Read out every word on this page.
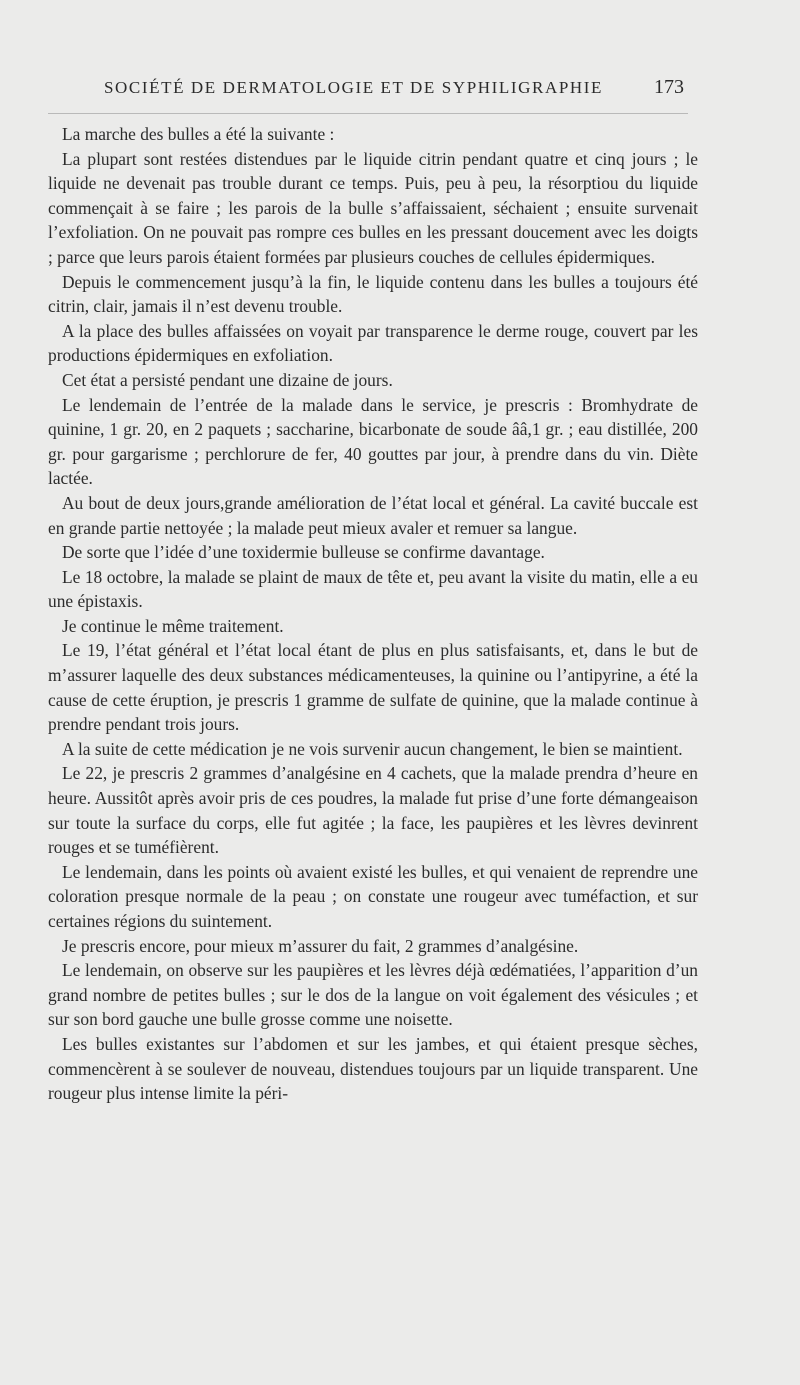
SOCIÉTÉ DE DERMATOLOGIE ET DE SYPHILIGRAPHIE	173

La marche des bulles a été la suivante :

La plupart sont restées distendues par le liquide citrin pendant quatre et cinq jours ; le liquide ne devenait pas trouble durant ce temps. Puis, peu à peu, la résorptiou du liquide commençait à se faire ; les parois de la bulle s’affaissaient, séchaient ; ensuite survenait l’exfoliation. On ne pouvait pas rompre ces bulles en les pressant doucement avec les doigts ; parce que leurs parois étaient formées par plusieurs couches de cellules épidermiques.

Depuis le commencement jusqu’à la fin, le liquide contenu dans les bulles a toujours été citrin, clair, jamais il n’est devenu trouble.

A la place des bulles affaissées on voyait par transparence le derme rouge, couvert par les productions épidermiques en exfoliation.

Cet état a persisté pendant une dizaine de jours.

Le lendemain de l’entrée de la malade dans le service, je prescris : Bromhydrate de quinine, 1 gr. 20, en 2 paquets ; saccharine, bicarbonate de soude ââ,1 gr. ; eau distillée, 200 gr. pour gargarisme ; perchlorure de fer, 40 gouttes par jour, à prendre dans du vin. Diète lactée.

Au bout de deux jours,grande amélioration de l’état local et général. La cavité buccale est en grande partie nettoyée ; la malade peut mieux avaler et remuer sa langue.

De sorte que l’idée d’une toxidermie bulleuse se confirme davantage.

Le 18 octobre, la malade se plaint de maux de tête et, peu avant la visite du matin, elle a eu une épistaxis.

Je continue le même traitement.

Le 19, l’état général et l’état local étant de plus en plus satisfaisants, et, dans le but de m’assurer laquelle des deux substances médicamenteuses, la quinine ou l’antipyrine, a été la cause de cette éruption, je prescris 1 gramme de sulfate de quinine, que la malade continue à prendre pendant trois jours.

A la suite de cette médication je ne vois survenir aucun changement, le bien se maintient.

Le 22, je prescris 2 grammes d’analgésine en 4 cachets, que la malade prendra d’heure en heure. Aussitôt après avoir pris de ces poudres, la malade fut prise d’une forte démangeaison sur toute la surface du corps, elle fut agitée ; la face, les paupières et les lèvres devinrent rouges et se tuméfièrent.

Le lendemain, dans les points où avaient existé les bulles, et qui venaient de reprendre une coloration presque normale de la peau ; on constate une rougeur avec tuméfaction, et sur certaines régions du suintement.

Je prescris encore, pour mieux m’assurer du fait, 2 grammes d’analgésine.

Le lendemain, on observe sur les paupières et les lèvres déjà œdématiées, l’apparition d’un grand nombre de petites bulles ; sur le dos de la langue on voit également des vésicules ; et sur son bord gauche une bulle grosse comme une noisette.

Les bulles existantes sur l’abdomen et sur les jambes, et qui étaient presque sèches, commencèrent à se soulever de nouveau, distendues toujours par un liquide transparent. Une rougeur plus intense limite la péri-
